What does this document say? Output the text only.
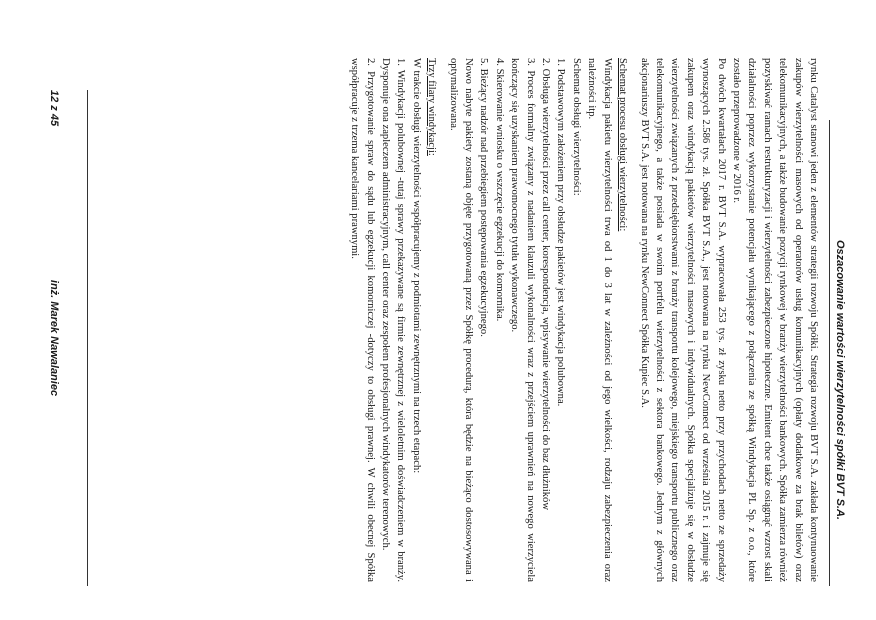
Oszacowanie wartości wierzytelności spółki BVT S.A.

rynku Catalyst stanowi jeden z elementów strategii rozwoju Spółki. Strategia rozwoju BVT S.A. zakłada kontynuowanie zakupów wierzytelności masowych od operatorów usług komunikacyjnych (opłaty dodatkowe za brak biletów) oraz telekomunikacyjnych, a także budowanie pozycji rynkowej w branży wierzytelności bankowych. Spółka zamierza również pozyskiwać ramach restrukturyzacji i wierzytelności zabezpieczone hipoteczne. Emitent chce także osiągnąć wzrost skali działalności poprzez wykorzystanie potencjału wynikającego z połączenia ze spółką Windykacja PL Sp. z o.o., które zostało przeprowadzone w 2016 r.

Po dwóch kwartałach 2017 r. BVT S.A. wypracowała 253 tys. zł zysku netto przy przychodach netto ze sprzedaży wynoszących 2.586 tys. zł. Spółka BVT S.A., jest notowana na rynku NewConnect od września 2015 r. i zajmuje się zakupem oraz windykacją pakietów wierzytelności masowych i indywidualnych. Spółka specjalizuje się w obsłudze wierzytelności związanych z przedsiębiorstwami z branży transportu kolejowego, miejskiego transportu publicznego oraz telekomunikacyjnego, a także posiada w swoim portfelu wierzytelności z sektora bankowego. Jednym z głównych akcjonariuszy BVT S.A. jest notowana na rynku NewConnect Spółka Kupiec S.A.

Schemat procesu obsługi wierzytelności:

Windykacja pakietu wierzytelności trwa od 1 do 3 lat w zależności od jego wielkości, rodzaju zabezpieczenia oraz należności itp.

Schemat obsługi wierzytelności:

1. Podstawowym założeniem przy obsłudze pakietów jest windykacja polubowna.

2. Obsługa wierzytelności przez call center, korespondencja, wpisywanie wierzytelności do baz dłużników

3. Proces formalny związany z nadaniem klauzuli wykonalności wraz z przejściem uprawnień na nowego wierzyciela kończący się uzyskaniem prawomocnego tytułu wykonawczego.

4. Skierowanie wniosku o wszczęcie egzekucji do komornika.

5. Bieżący nadzór nad przebiegiem postępowania egzekucyjnego.

Nowo nabyte pakiety zostaną objęte przygotowaną przez Spółkę procedurą, która będzie na bieżąco dostosowywana i optymalizowana.

Trzy filary windykacji:

W trakcie obsługi wierzytelności współpracujemy z podmiotami zewnętrznymi na trzech etapach:

1. Windykacji polubownej -tutaj sprawy przekazywane są firmie zewnętrznej z wieloletnim doświadczeniem w branży. Dysponuje ona zapleczem administracyjnym, call center oraz zespołem profesjonalnych windykatorów terenowych.

2. Przygotowanie spraw do sądu lub egzekucji komorniczej -dotyczy to obsługi prawnej. W chwili obecnej Spółka współpracuje z trzema kancelariami prawnymi.

inż. Marek Nawalaniec
12 z 45
